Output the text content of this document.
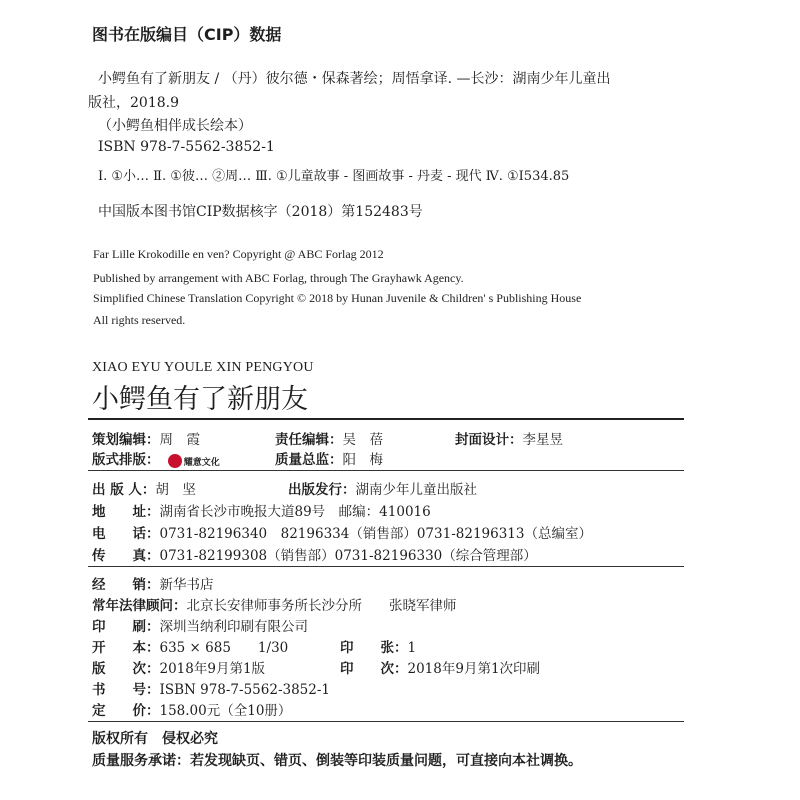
图书在版编目（CIP）数据
小鳄鱼有了新朋友 / （丹）彼尔德・保森著绘；周悟拿译. —长沙：湖南少年儿童出
版社，2018.9
（小鳄鱼相伴成长绘本）
ISBN 978-7-5562-3852-1
Ⅰ. ①小… Ⅱ. ①彼… ②周… Ⅲ. ①儿童故事 - 图画故事 - 丹麦 - 现代 Ⅳ. ①I534.85
中国版本图书馆CIP数据核字（2018）第152483号
Far Lille Krokodille en ven? Copyright @ ABC Forlag 2012
Published by arrangement with ABC Forlag, through The Grayhawk Agency.
Simplified Chinese Translation Copyright © 2018 by Hunan Juvenile & Children' s Publishing House
All rights reserved.
XIAO EYU YOULE XIN PENGYOU
小鳄鱼有了新朋友
策划编辑：周　霞	责任编辑：吴　蓓	封面设计：李星昱
版式排版：	耀意文化	质量总监：阳　梅
出 版 人：胡　坚	出版发行：湖南少年儿童出版社
地　　址：湖南省长沙市晚报大道89号　邮编：410016
电　　话：0731-82196340　82196334（销售部）0731-82196313（总编室）
传　　真：0731-82199308（销售部）0731-82196330（综合管理部）
经　　销：新华书店
常年法律顾问：北京长安律师事务所长沙分所　　张晓军律师
印　　刷：深圳当纳利印刷有限公司
开　　本：635 × 685　　1/30	印　　张：1
版　　次：2018年9月第1版	印　　次：2018年9月第1次印刷
书　　号：ISBN 978-7-5562-3852-1
定　　价：158.00元（全10册）
版权所有　侵权必究
质量服务承诺：若发现缺页、错页、倒装等印装质量问题，可直接向本社调换。
